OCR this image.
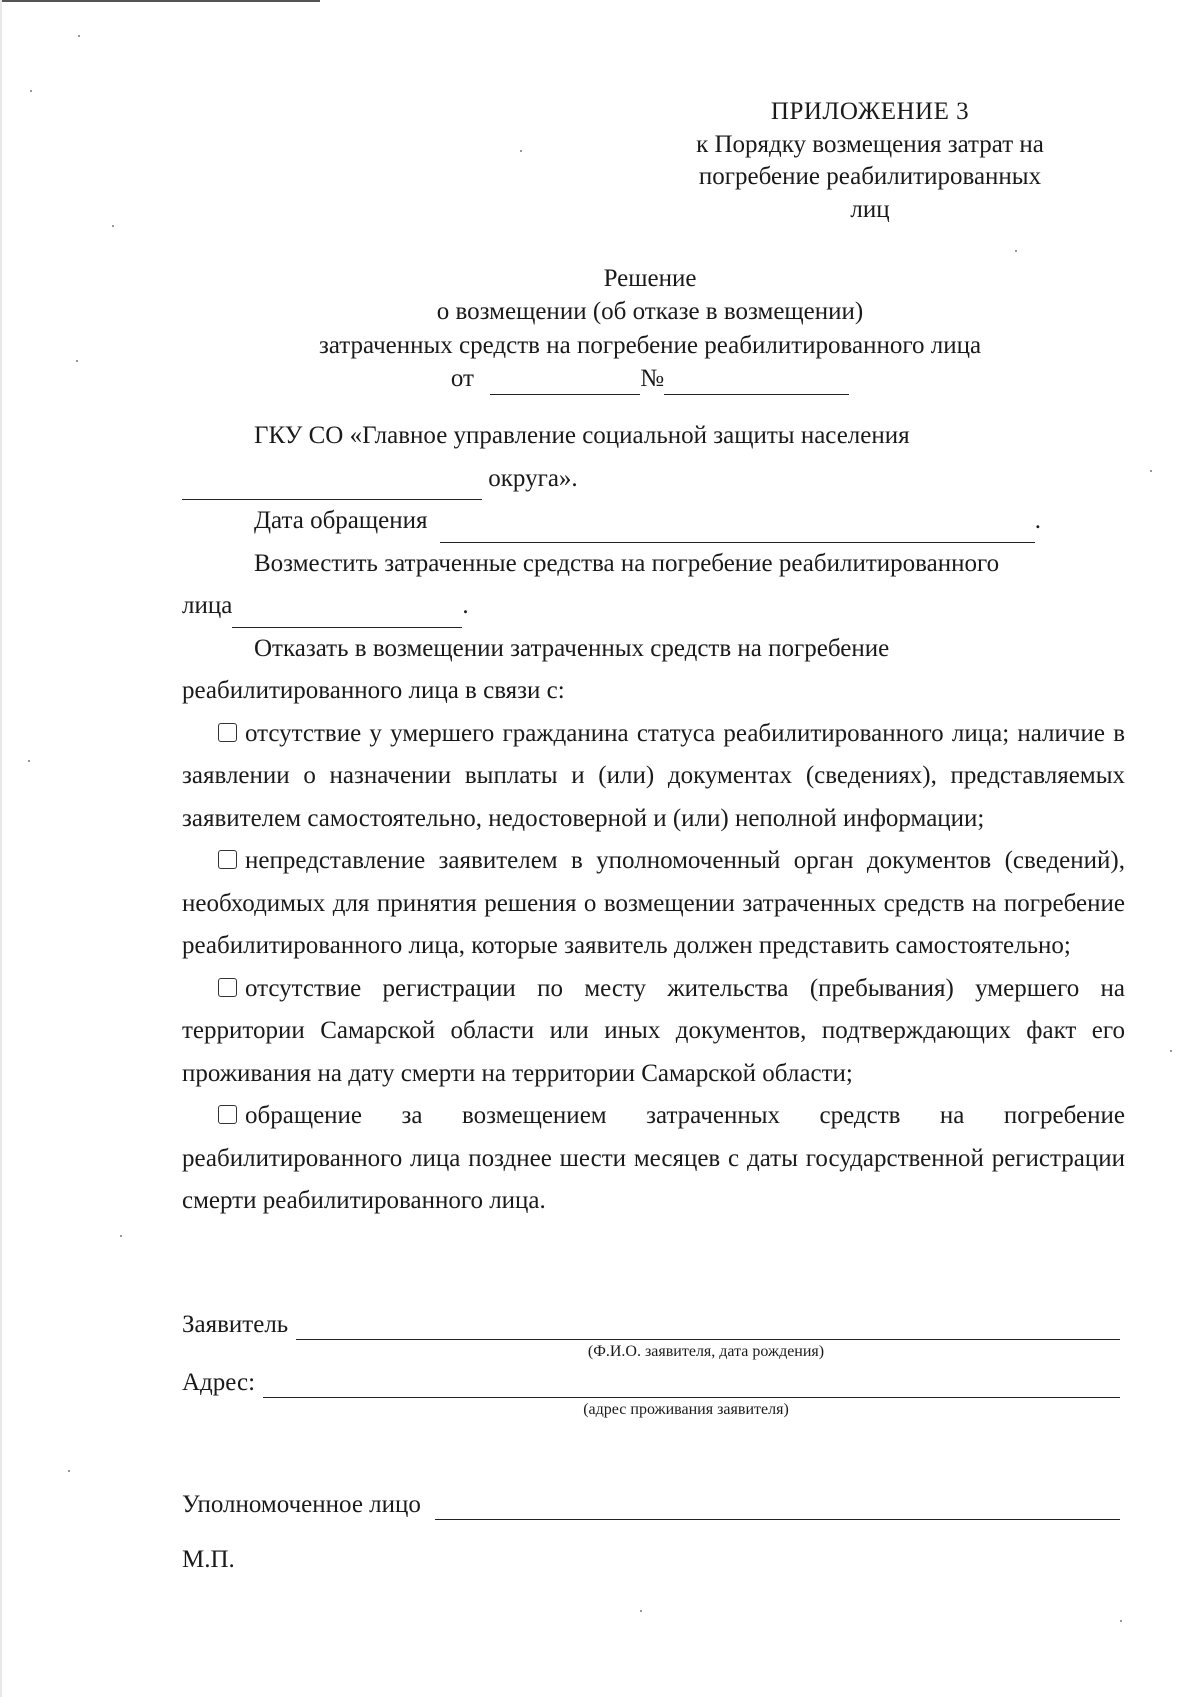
ПРИЛОЖЕНИЕ 3
к Порядку возмещения затрат на
погребение реабилитированных
лиц
Решение
о возмещении (об отказе в возмещении)
затраченных средств на погребение реабилитированного лица
от	№

ГКУ СО «Главное управление социальной защиты населения

округа».

Дата обращения	.

Возместить затраченные средства на погребение реабилитированного

лица	.

Отказать в возмещении затраченных средств на погребение

реабилитированного лица в связи с:

отсутствие у умершего гражданина статуса реабилитированного лица; наличие в заявлении о назначении выплаты и (или) документах (сведениях), представляемых заявителем самостоятельно, недостоверной и (или) неполной информации;

непредставление заявителем в уполномоченный орган документов (сведений), необходимых для принятия решения о возмещении затраченных средств на погребение реабилитированного лица, которые заявитель должен представить самостоятельно;

отсутствие регистрации по месту жительства (пребывания) умершего на территории Самарской области или иных документов, подтверждающих факт его проживания на дату смерти на территории Самарской области;

обращение за возмещением затраченных средств на погребение реабилитированного лица позднее шести месяцев с даты государственной регистрации смерти реабилитированного лица.

Заявитель
(Ф.И.О. заявителя, дата рождения)
Адрес:
(адрес проживания заявителя)
Уполномоченное лицо
М.П.
